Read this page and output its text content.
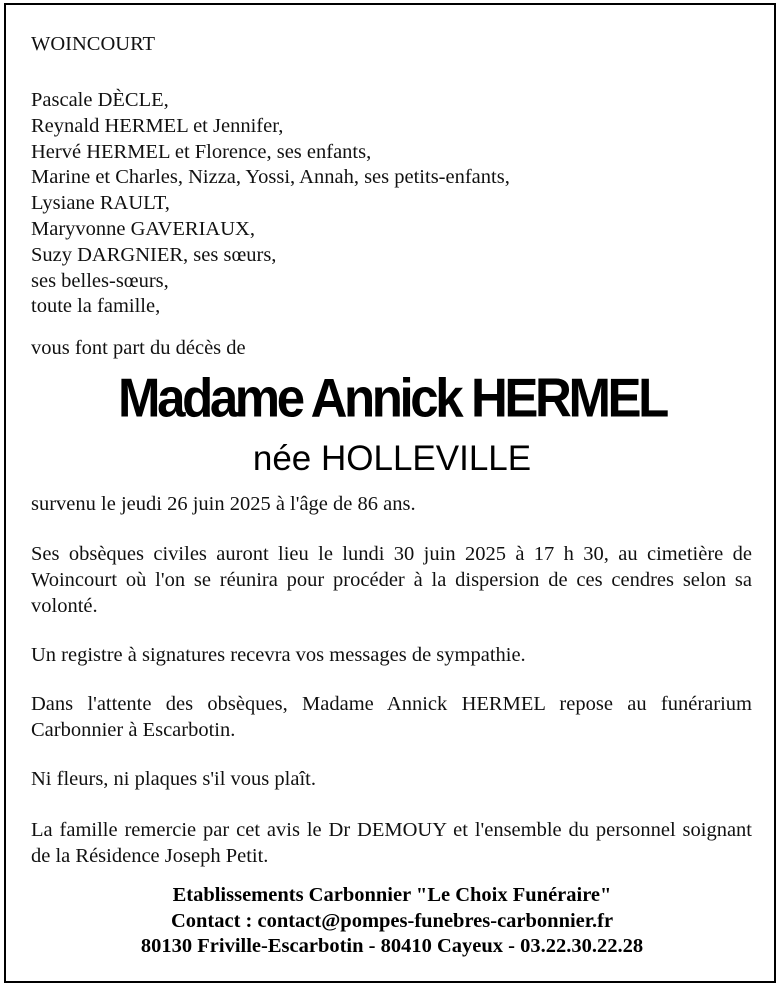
WOINCOURT
Pascale DÈCLE,
Reynald HERMEL et Jennifer,
Hervé HERMEL et Florence, ses enfants,
Marine et Charles, Nizza, Yossi, Annah, ses petits-enfants,
Lysiane RAULT,
Maryvonne GAVERIAUX,
Suzy DARGNIER, ses sœurs,
ses belles-sœurs,
toute la famille,
vous font part du décès de
Madame Annick HERMEL
née HOLLEVILLE
survenu le jeudi 26 juin 2025 à l'âge de 86 ans.
Ses obsèques civiles auront lieu le lundi 30 juin 2025 à 17 h 30, au cimetière de Woincourt où l'on se réunira pour procéder à la dispersion de ces cendres selon sa volonté.
Un registre à signatures recevra vos messages de sympathie.
Dans l'attente des obsèques, Madame Annick HERMEL repose au funérarium Carbonnier à Escarbotin.
Ni fleurs, ni plaques s'il vous plaît.
La famille remercie par cet avis le Dr DEMOUY et l'ensemble du personnel soignant de la Résidence Joseph Petit.
Etablissements Carbonnier "Le Choix Funéraire"
Contact : contact@pompes-funebres-carbonnier.fr
80130 Friville-Escarbotin - 80410 Cayeux - 03.22.30.22.28
